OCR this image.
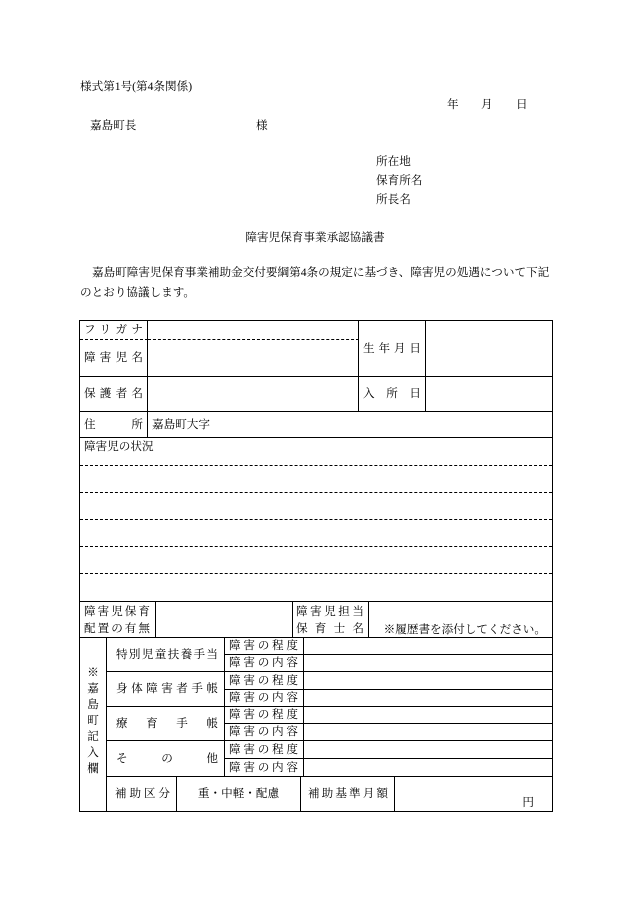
様式第1号(第4条関係)
年 月 日
嘉島町長	様
所在地
保育所名
所長名
障害児保育事業承認協議書
嘉島町障害児保育事業補助金交付要綱第4条の規定に基づき、障害児の処遇について下記
のとおり協議します。
フリガナ
障害児名
生年月日
保護者名	入所日
住所 嘉島町大字
障害児の状況
障害児保育
配置の有無
障害児担当
保育士名 ※履歴書を添付してください。
※嘉島町記入欄
特別児童扶養手当
身体障害者手帳
療育手帳
その他
障害の程度
障害の内容
障害の程度
障害の内容
障害の程度
障害の内容
障害の程度
障害の内容
補助区分 重・中軽・配慮 補助基準月額
円
